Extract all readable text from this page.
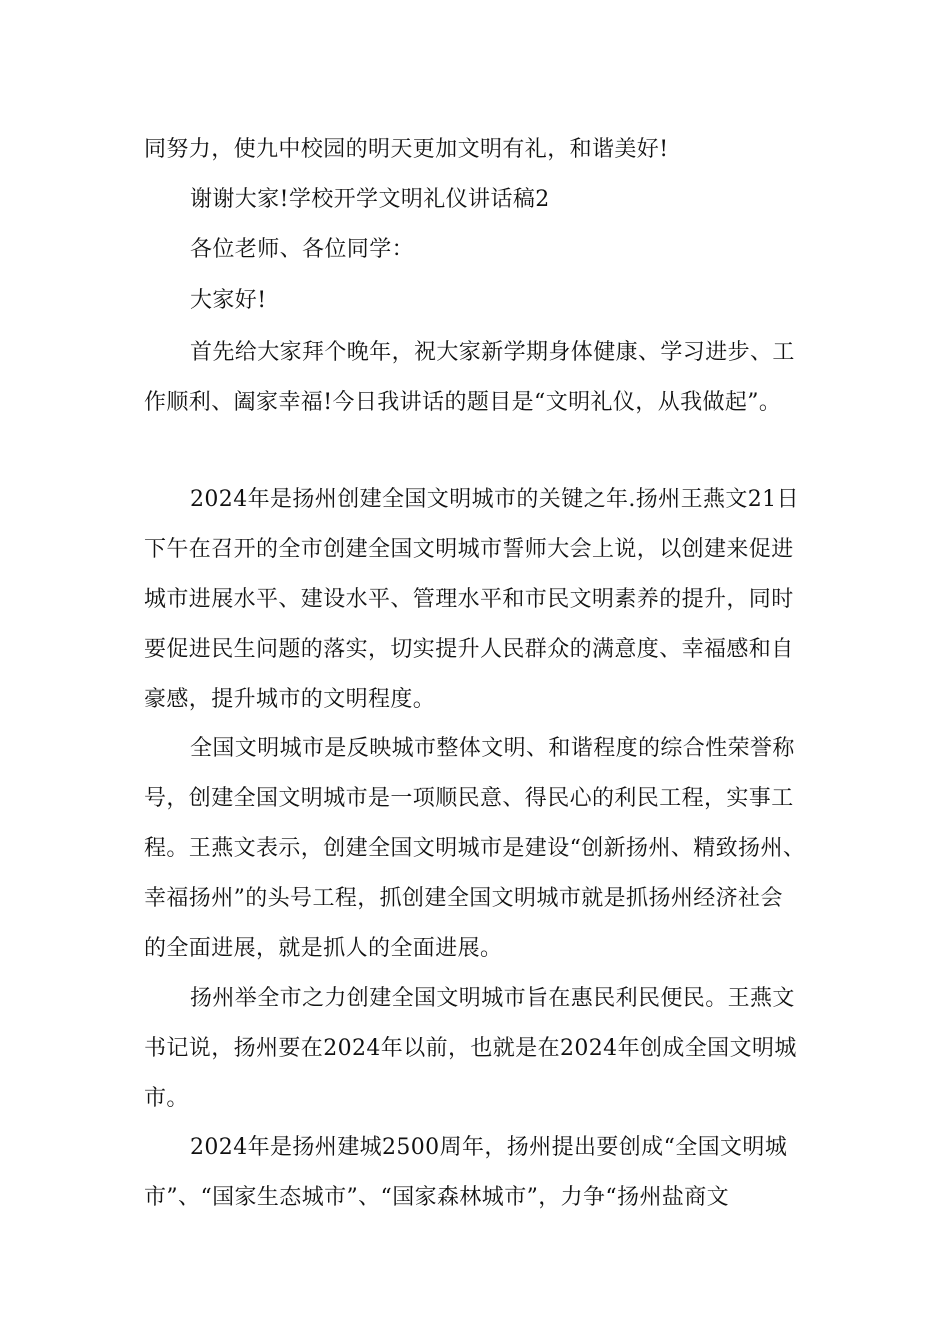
同努力，使九中校园的明天更加文明有礼，和谐美好!
谢谢大家!学校开学文明礼仪讲话稿2
各位老师、各位同学：
大家好!
首先给大家拜个晚年，祝大家新学期身体健康、学习进步、工
作顺利、阖家幸福!今日我讲话的题目是“文明礼仪，从我做起”。
2024年是扬州创建全国文明城市的关键之年.扬州王燕文21日
下午在召开的全市创建全国文明城市誓师大会上说，以创建来促进
城市进展水平、建设水平、管理水平和市民文明素养的提升，同时
要促进民生问题的落实，切实提升人民群众的满意度、幸福感和自
豪感，提升城市的文明程度。
全国文明城市是反映城市整体文明、和谐程度的综合性荣誉称
号，创建全国文明城市是一项顺民意、得民心的利民工程，实事工
程。王燕文表示，创建全国文明城市是建设“创新扬州、精致扬州、
幸福扬州”的头号工程，抓创建全国文明城市就是抓扬州经济社会
的全面进展，就是抓人的全面进展。
扬州举全市之力创建全国文明城市旨在惠民利民便民。王燕文
书记说，扬州要在2024年以前，也就是在2024年创成全国文明城
市。
2024年是扬州建城2500周年，扬州提出要创成“全国文明城
市”、“国家生态城市”、“国家森林城市”，力争“扬州盐商文
